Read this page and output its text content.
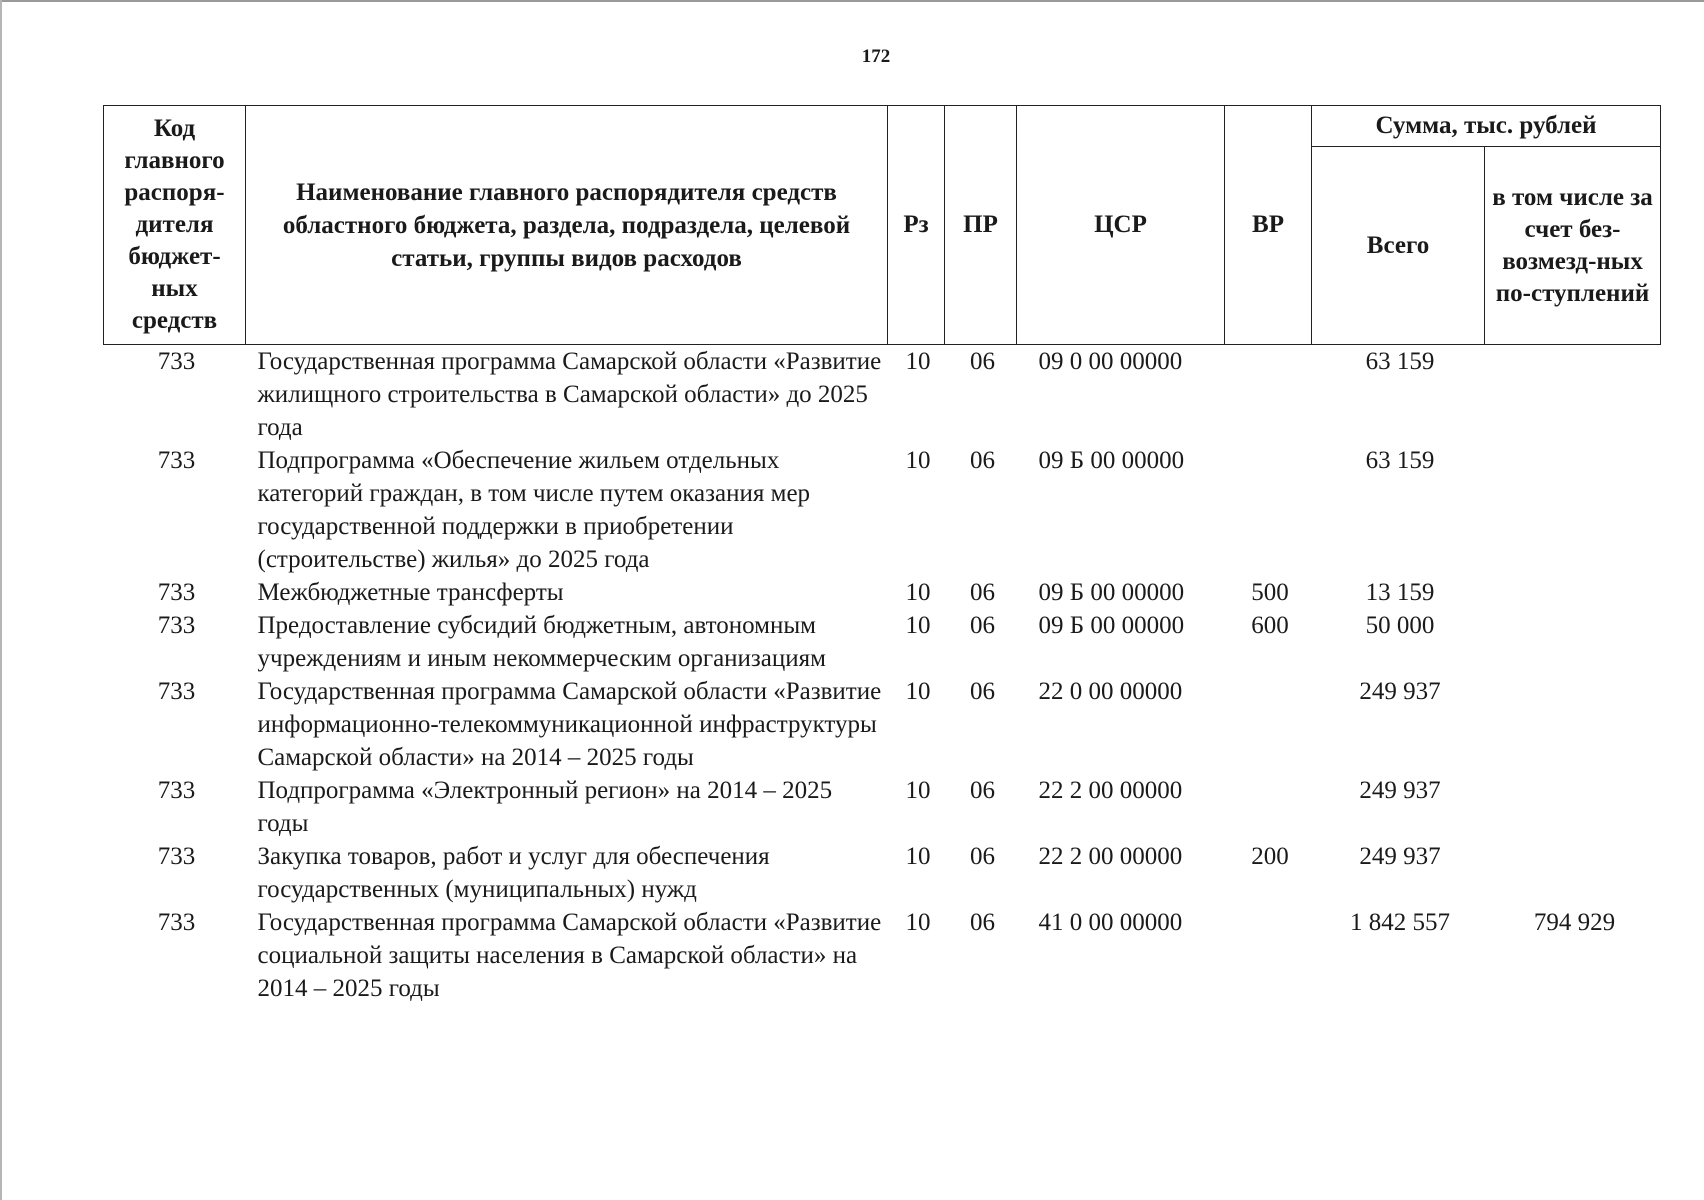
172
Код главного распоря-дителя бюджет-ных средств	Наименование главного распорядителя средств областного бюджета, раздела, подраздела, целевой статьи, группы видов расходов	Рз	ПР	ЦСР	ВР	Сумма, тыс. рублей	
						Всего	в том числе за счет без-возмезд-ных по-ступлений
733	Государственная программа Самарской области «Развитие жилищного строительства в Самарской области» до 2025 года	10	06	09 0 00 00000		63 159	
733	Подпрограмма «Обеспечение жильем отдельных категорий граждан, в том числе путем оказания мер государственной поддержки в приобретении (строительстве) жилья» до 2025 года	10	06	09 Б 00 00000		63 159	
733	Межбюджетные трансферты	10	06	09 Б 00 00000	500	13 159	
733	Предоставление субсидий бюджетным, автономным учреждениям и иным некоммерческим организациям	10	06	09 Б 00 00000	600	50 000	
733	Государственная программа Самарской области «Развитие информационно-телекоммуникационной инфраструктуры Самарской области» на 2014 – 2025 годы	10	06	22 0 00 00000		249 937	
733	Подпрограмма «Электронный регион» на 2014 – 2025 годы	10	06	22 2 00 00000		249 937	
733	Закупка товаров, работ и услуг для обеспечения государственных (муниципальных) нужд	10	06	22 2 00 00000	200	249 937	
733	Государственная программа Самарской области «Развитие социальной защиты населения в Самарской области» на 2014 – 2025 годы	10	06	41 0 00 00000		1 842 557	794 929
